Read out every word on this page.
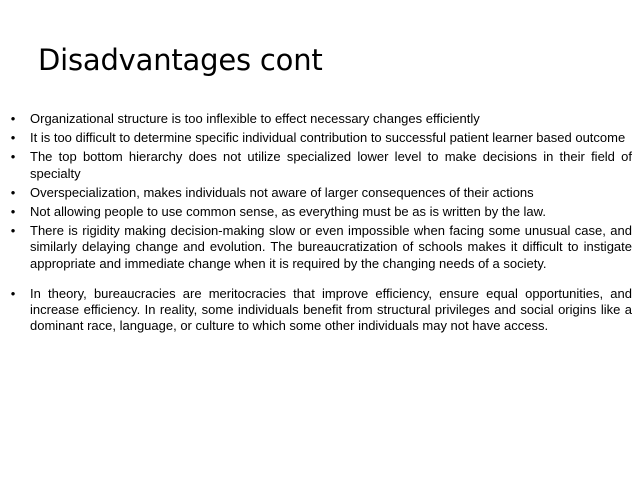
Disadvantages cont
• Organizational structure is too inflexible to effect necessary changes efficiently
• It is too difficult to determine specific individual contribution to successful patient learner based outcome
• The top bottom hierarchy does not utilize specialized lower level to make decisions in their field of specialty
• Overspecialization, makes individuals not aware of larger consequences of their actions
• Not allowing people to use common sense, as everything must be as is written by the law.
• There is rigidity making decision-making slow or even impossible when facing some unusual case, and similarly delaying change and evolution. The bureaucratization of schools makes it difficult to instigate appropriate and immediate change when it is required by the changing needs of a society.
• In theory, bureaucracies are meritocracies that improve efficiency, ensure equal opportunities, and increase efficiency. In reality, some individuals benefit from structural privileges and social origins like a dominant race, language, or culture to which some other individuals may not have access.
